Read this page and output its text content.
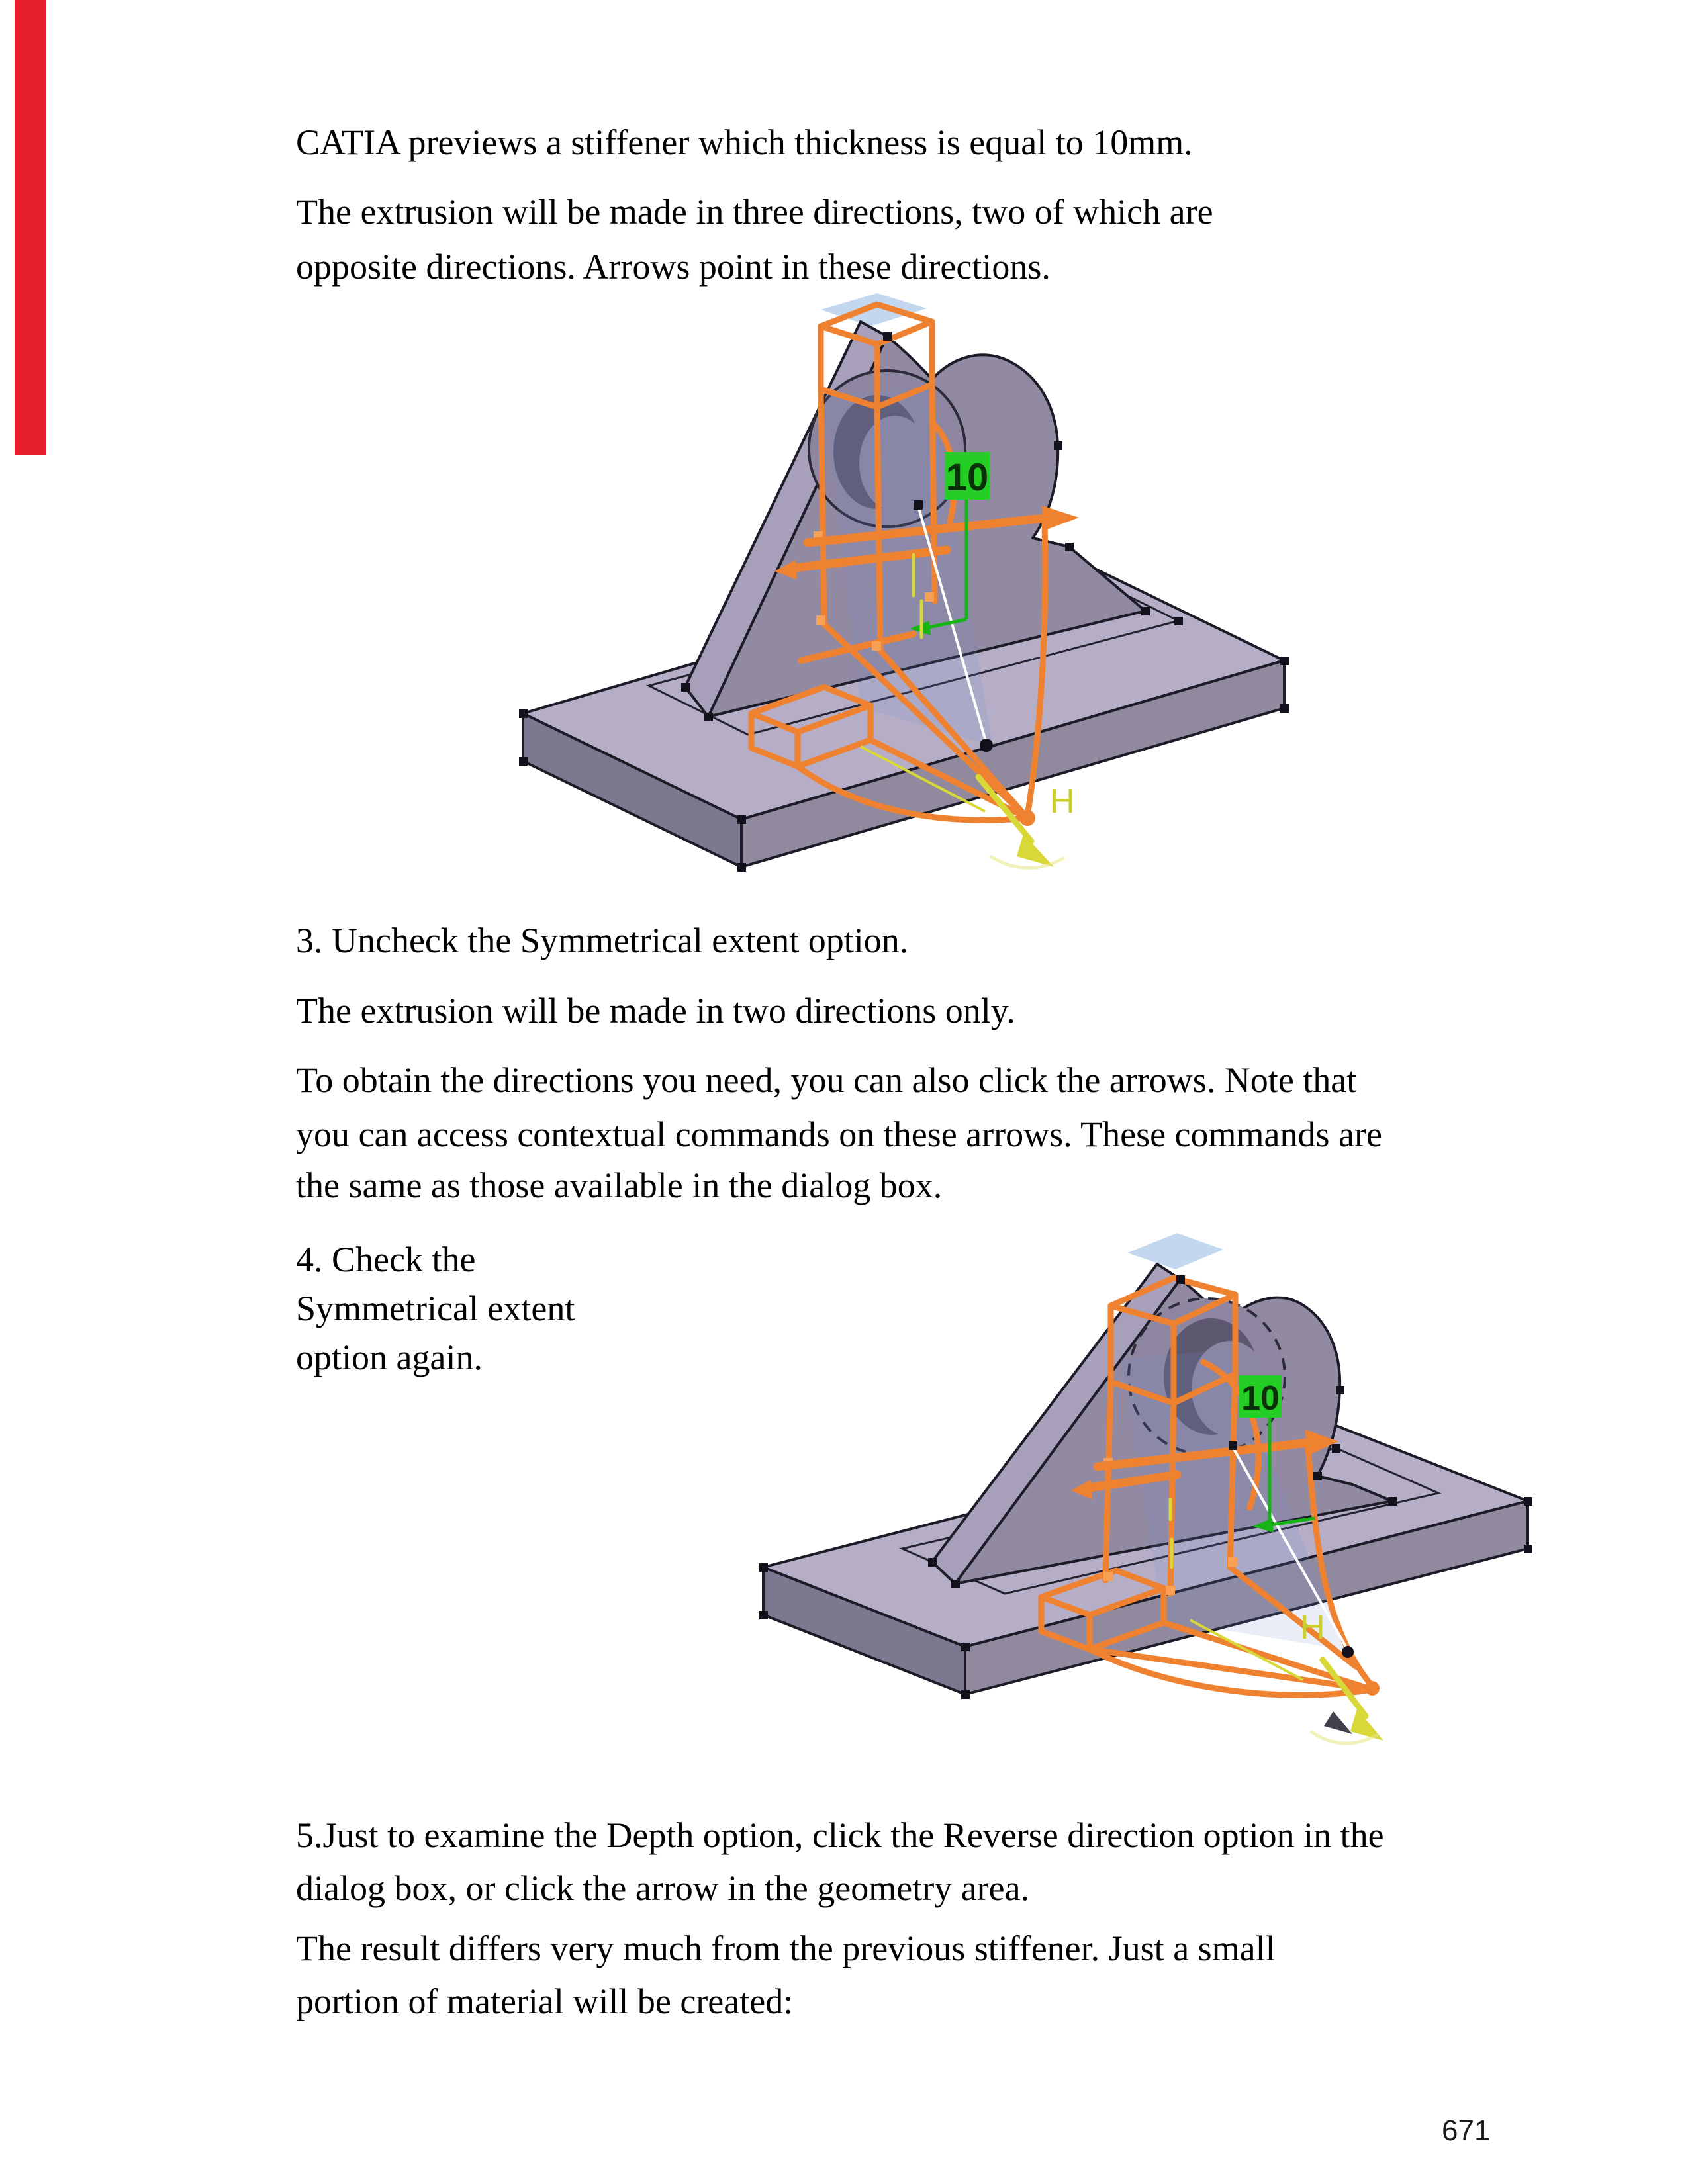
CATIA previews a stiffener which thickness is equal to 10mm.
The extrusion will be made in three directions, two of which are
opposite directions. Arrows point in these directions.
10
H
3. Uncheck the Symmetrical extent option.
The extrusion will be made in two directions only.
To obtain the directions you need, you can also click the arrows. Note that
you can access contextual commands on these arrows. These commands are
the same as those available in the dialog box.
4. Check the
Symmetrical extent
option again.
10
H
5.Just to examine the Depth option, click the Reverse direction option in the
dialog box, or click the arrow in the geometry area.
The result differs very much from the previous stiffener. Just a small
portion of material will be created:
671
